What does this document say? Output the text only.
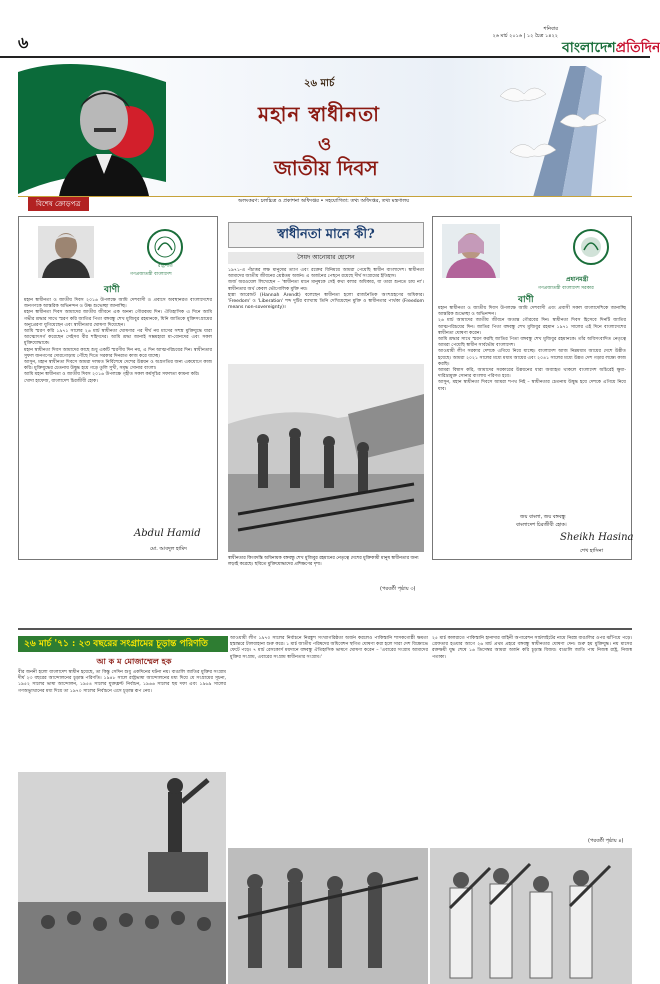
৬
শনিবার
২৬ মার্চ ২০১৬ | ১২ চৈত্র ১৪২২
বাংলাদেশপ্রতিদিন
২৬ মার্চ
মহান স্বাধীনতা
ও
জাতীয় দিবস
বিশেষ ক্রোড়পত্র	অলংকরণ: চলচ্চিত্র ও প্রকাশনা অধিদপ্তর • সহযোগিতা: তথ্য অধিদপ্তর, তথ্য মন্ত্রণালয়
রাষ্ট্রপতি
গণপ্রজাতন্ত্রী বাংলাদেশ
বাণী

মহান স্বাধীনতা ও জাতীয় দিবস ২০১৬ উপলক্ষে আমি দেশবাসী ও প্রবাসে অবস্থানরত বাংলাদেশের জনগণকে আন্তরিক অভিনন্দন ও উষ্ণ শুভেচ্ছা জানাচ্ছি।

মহান স্বাধীনতা দিবস আমাদের জাতীয় জীবনে এক অনন্য গৌরবময় দিন। ঐতিহাসিক এ দিনে আমি গভীর শ্রদ্ধার সাথে স্মরণ করি জাতির পিতা বঙ্গবন্ধু শেখ মুজিবুর রহমানকে, যিনি জাতিকে মুক্তিসংগ্রামের অনুপ্রেরণা যুগিয়েছেন এবং স্বাধীনতার ঘোষণা দিয়েছেন।

আমি স্মরণ করি ১৯৭১ সালের ২৬ মার্চ স্বাধীনতা ঘোষণার পর দীর্ঘ নয় মাসের সশস্ত্র মুক্তিযুদ্ধে যারা আত্মোৎসর্গ করেছেন সেইসব বীর শহিদদের। আমি শ্রদ্ধা জানাই সম্ভ্রমহারা মা-বোনদের এবং সকল মুক্তিযোদ্ধাকে।

মহান স্বাধীনতা দিবস আমাদের কাছে শুধু একটি স্মরণীয় দিন নয়, এ দিন আত্মপরিচয়ের দিন। স্বাধীনতার সুফল জনগণের দোরগোড়ায় পৌঁছে দিতে সরকার দিনরাত কাজ করে যাচ্ছে।

আসুন, মহান স্বাধীনতা দিবসে আমরা দলমত নির্বিশেষে দেশের উন্নয়ন ও অগ্রগতির জন্য একযোগে কাজ করি। মুক্তিযুদ্ধের চেতনায় উদ্বুদ্ধ হয়ে গড়ে তুলি সুখী, সমৃদ্ধ সোনার বাংলা।

আমি মহান স্বাধীনতা ও জাতীয় দিবস ২০১৬ উপলক্ষে গৃহীত সকল কর্মসূচির সফলতা কামনা করি।

খোদা হাফেজ, বাংলাদেশ চিরজীবী হোক।

Abdul Hamid
মো. আবদুল হামিদ
স্বাধীনতা মানে কী?
সৈয়দ আনোয়ার হোসেন

১৯৭১-এ পঁচাত্তর লক্ষ মানুষের ত্যাগ এবং রক্তের বিনিময়ে আমরা পেয়েছি স্বাধীন বাংলাদেশ। স্বাধীনতা আমাদের জাতীয় জীবনের শ্রেষ্ঠতম অর্জন। এ অর্জনের পেছনে রয়েছে দীর্ঘ সংগ্রামের ইতিহাস।

জর্জ অরওয়েল লিখেছেন – 'স্বাধীনতা মানে মানুষকে সেই কথা বলার অধিকার, যা তারা শুনতে চায় না'। স্বাধীনতার অর্থ কেবল ভৌগোলিক মুক্তি নয়।

হান্না আরেন্ডট (Hannah Arendt) বলেছেন স্বাধীনতা হলো রাজনৈতিক অংশগ্রহণের অধিকার। 'Freedom' ও 'Liberation' শব্দ দুটির ব্যাখ্যায় তিনি দেখিয়েছেন মুক্তি ও স্বাধীনতার পার্থক্য (Freedom means non-sovereignty)।

স্বাধীনতার কিংবদন্তি অধিনায়ক বঙ্গবন্ধু শেখ মুজিবুর রহমানের নেতৃত্বে দেশের মুক্তিকামী মানুষ স্বাধীনতার জন্য লড়াই করেছে। ছবিতে মুক্তিযোদ্ধাদের প্রশিক্ষণের দৃশ্য।
(পরবর্তী পৃষ্ঠায় ৩)
প্রধানমন্ত্রী
গণপ্রজাতন্ত্রী বাংলাদেশ সরকার
বাণী

মহান স্বাধীনতা ও জাতীয় দিবস উপলক্ষে আমি দেশবাসী এবং প্রবাসী সকল বাংলাদেশিকে জানাচ্ছি আন্তরিক শুভেচ্ছা ও অভিনন্দন।

২৬ মার্চ আমাদের জাতীয় জীবনে অত্যন্ত গৌরবের দিন। স্বাধীনতা দিবস হিসেবে দিনটি জাতির আত্মপরিচয়ের দিন। জাতির পিতা বঙ্গবন্ধু শেখ মুজিবুর রহমান ১৯৭১ সালের এই দিনে বাংলাদেশের স্বাধীনতা ঘোষণা করেন।

আমি শ্রদ্ধার সাথে স্মরণ করছি জাতির পিতা বঙ্গবন্ধু শেখ মুজিবুর রহমানকে। তাঁর অবিসংবাদিত নেতৃত্বে আমরা পেয়েছি স্বাধীন সার্বভৌম বাংলাদেশ।

আওয়ামী লীগ সরকার দেশকে এগিয়ে নিয়ে যাচ্ছে। বাংলাদেশ আজ নিম্নমধ্যম আয়ের দেশে উন্নীত হয়েছে। আমরা ২০২১ সালের মধ্যে মধ্যম আয়ের এবং ২০৪১ সালের মধ্যে উন্নত দেশ গড়ার লক্ষ্যে কাজ করছি।

আমরা বিশ্বাস করি, আমাদের সরকারের উন্নয়নের ধারা অব্যাহত থাকলে বাংলাদেশ অচিরেই ক্ষুধা-দারিদ্র্যমুক্ত সোনার বাংলায় পরিণত হবে।

আসুন, মহান স্বাধীনতা দিবসে আমরা শপথ নিই – স্বাধীনতার চেতনায় উদ্বুদ্ধ হয়ে দেশকে এগিয়ে নিয়ে যাব।

জয় বাংলা, জয় বঙ্গবন্ধু
বাংলাদেশ চিরজীবী হোক।
Sheikh Hasina
শেখ হাসিনা
২৬ মার্চ '৭১ : ২৩ বছরের সংগ্রামের চূড়ান্ত পরিণতি
আ ক ম মোজাম্মেল হক
বীর জননী হলো বাংলাদেশ স্বাধীন হয়েছে, তা কিন্তু সেদিন শুধু একদিনের ঘটনা নয়। বাঙালি জাতির মুক্তির সংগ্রাম দীর্ঘ ২৩ বছরের আন্দোলনের চূড়ান্ত পরিণতি। ১৯৪৮ সালে রাষ্ট্রভাষা আন্দোলনের মধ্য দিয়ে যে সংগ্রামের সূচনা, ১৯৫২ সালের ভাষা আন্দোলন, ১৯৫৪ সালের যুক্তফ্রন্ট নির্বাচন, ১৯৬৬ সালের ছয় দফা এবং ১৯৬৯ সালের গণঅভ্যুত্থানের মধ্য দিয়ে তা ১৯৭০ সালের নির্বাচনে এসে চূড়ান্ত রূপ নেয়।
আওয়ামী লীগ ১৯৭০ সালের নির্বাচনে নিরঙ্কুশ সংখ্যাগরিষ্ঠতা অর্জন করলেও পাকিস্তানি শাসকগোষ্ঠী ক্ষমতা হস্তান্তরে টালবাহানা শুরু করে। ১ মার্চ জাতীয় পরিষদের অধিবেশন স্থগিত ঘোষণা করা হলে সারা দেশ বিক্ষোভে ফেটে পড়ে। ৭ মার্চ রেসকোর্স ময়দানে বঙ্গবন্ধু ঐতিহাসিক ভাষণে ঘোষণা করেন – 'এবারের সংগ্রাম আমাদের মুক্তির সংগ্রাম, এবারের সংগ্রাম স্বাধীনতার সংগ্রাম।'
২৫ মার্চ কালরাতে পাকিস্তানি হানাদার বাহিনী অপারেশন সার্চলাইটের নামে নিরস্ত্র বাঙালির ওপর ঝাঁপিয়ে পড়ে। গ্রেফতার হওয়ার আগে ২৬ মার্চ প্রথম প্রহরে বঙ্গবন্ধু স্বাধীনতার ঘোষণা দেন। শুরু হয় মুক্তিযুদ্ধ। নয় মাসের রক্তক্ষয়ী যুদ্ধ শেষে ১৬ ডিসেম্বর আমরা অর্জন করি চূড়ান্ত বিজয়। বাঙালি জাতি পায় নিজস্ব রাষ্ট্র, নিজস্ব পতাকা।
(পরবর্তী পৃষ্ঠায় ৪)
